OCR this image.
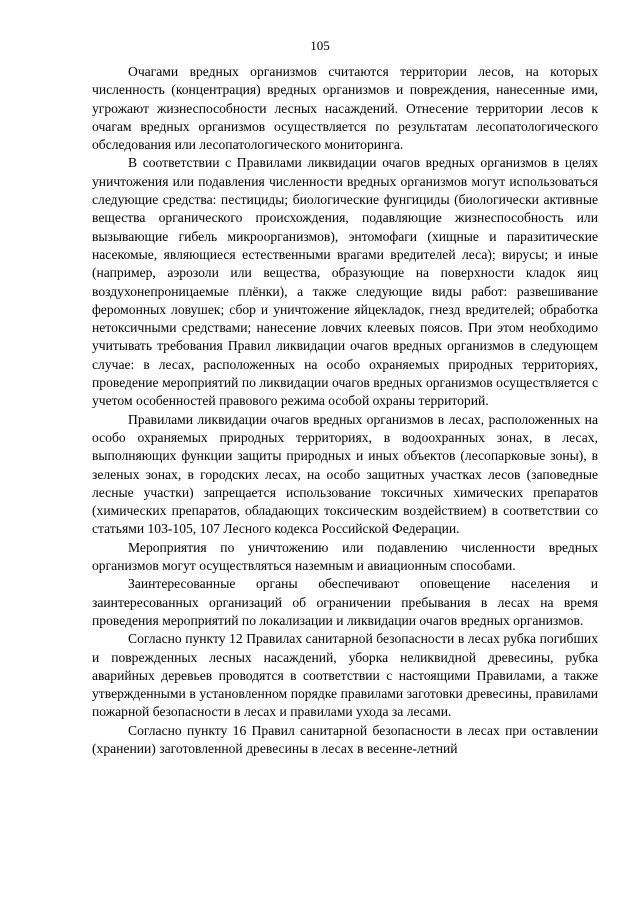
105

Очагами вредных организмов считаются территории лесов, на которых численность (концентрация) вредных организмов и повреждения, нанесенные ими, угрожают жизнеспособности лесных насаждений. Отнесение территории лесов к очагам вредных организмов осуществляется по результатам лесопатологического обследования или лесопатологического мониторинга.

В соответствии с Правилами ликвидации очагов вредных организмов в целях уничтожения или подавления численности вредных организмов могут использоваться следующие средства: пестициды; биологические фунгициды (биологически активные вещества органического происхождения, подавляющие жизнеспособность или вызывающие гибель микроорганизмов), энтомофаги (хищные и паразитические насекомые, являющиеся естественными врагами вредителей леса); вирусы; и иные (например, аэрозоли или вещества, образующие на поверхности кладок яиц воздухонепроницаемые плёнки), а также следующие виды работ: развешивание феромонных ловушек; сбор и уничтожение яйцекладок, гнезд вредителей; обработка нетоксичными средствами; нанесение ловчих клеевых поясов. При этом необходимо учитывать требования Правил ликвидации очагов вредных организмов в следующем случае: в лесах, расположенных на особо охраняемых природных территориях, проведение мероприятий по ликвидации очагов вредных организмов осуществляется с учетом особенностей правового режима особой охраны территорий.

Правилами ликвидации очагов вредных организмов в лесах, расположенных на особо охраняемых природных территориях, в водоохранных зонах, в лесах, выполняющих функции защиты природных и иных объектов (лесопарковые зоны), в зеленых зонах, в городских лесах, на особо защитных участках лесов (заповедные лесные участки) запрещается использование токсичных химических препаратов (химических препаратов, обладающих токсическим воздействием) в соответствии со статьями 103-105, 107 Лесного кодекса Российской Федерации.

Мероприятия по уничтожению или подавлению численности вредных организмов могут осуществляться наземным и авиационным способами.

Заинтересованные органы обеспечивают оповещение населения и заинтересованных организаций об ограничении пребывания в лесах на время проведения мероприятий по локализации и ликвидации очагов вредных организмов.

Согласно пункту 12 Правилах санитарной безопасности в лесах рубка погибших и поврежденных лесных насаждений, уборка неликвидной древесины, рубка аварийных деревьев проводятся в соответствии с настоящими Правилами, а также утвержденными в установленном порядке правилами заготовки древесины, правилами пожарной безопасности в лесах и правилами ухода за лесами.

Согласно пункту 16 Правил санитарной безопасности в лесах при оставлении (хранении) заготовленной древесины в лесах в весенне-летний
